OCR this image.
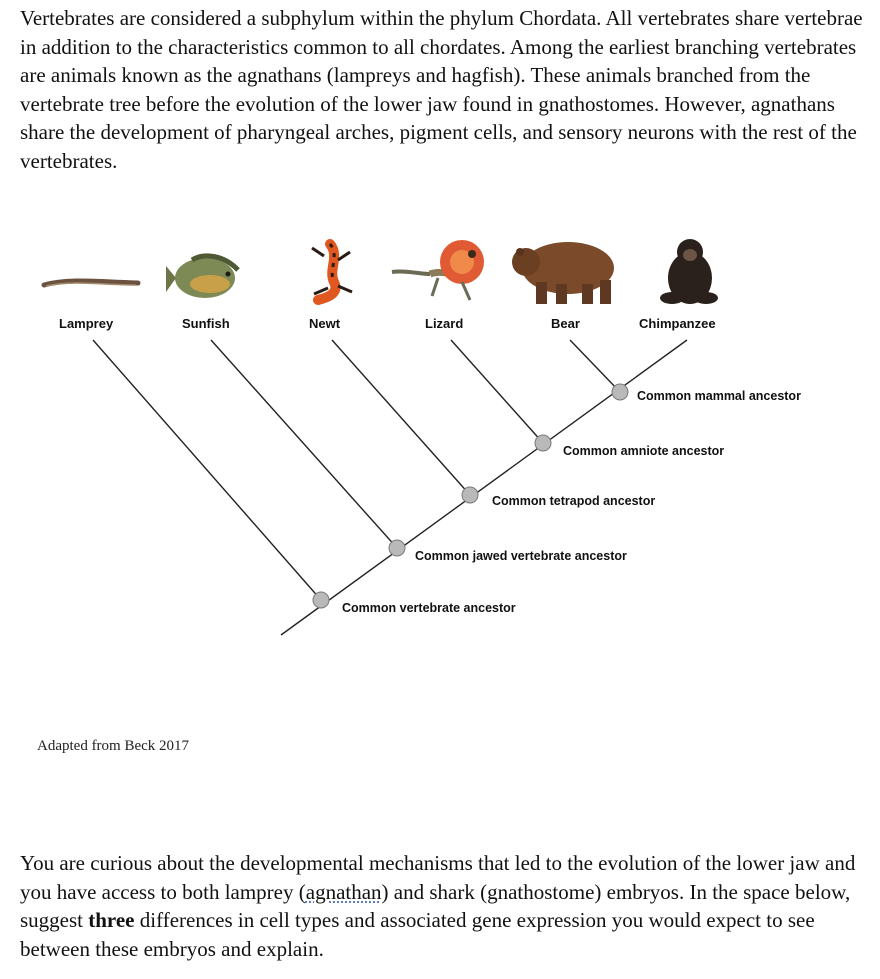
Vertebrates are considered a subphylum within the phylum Chordata. All vertebrates share vertebrae in addition to the characteristics common to all chordates. Among the earliest branching vertebrates are animals known as the agnathans (lampreys and hagfish). These animals branched from the vertebrate tree before the evolution of the lower jaw found in gnathostomes. However, agnathans share the development of pharyngeal arches, pigment cells, and sensory neurons with the rest of the vertebrates.

Lamprey	Sunfish	Newt	Lizard	Bear	Chimpanzee
Common mammal ancestor
Common amniote ancestor
Common tetrapod ancestor
Common jawed vertebrate ancestor
Common vertebrate ancestor

Adapted from Beck 2017

You are curious about the developmental mechanisms that led to the evolution of the lower jaw and you have access to both lamprey (agnathan) and shark (gnathostome) embryos. In the space below, suggest three differences in cell types and associated gene expression you would expect to see between these embryos and explain.
